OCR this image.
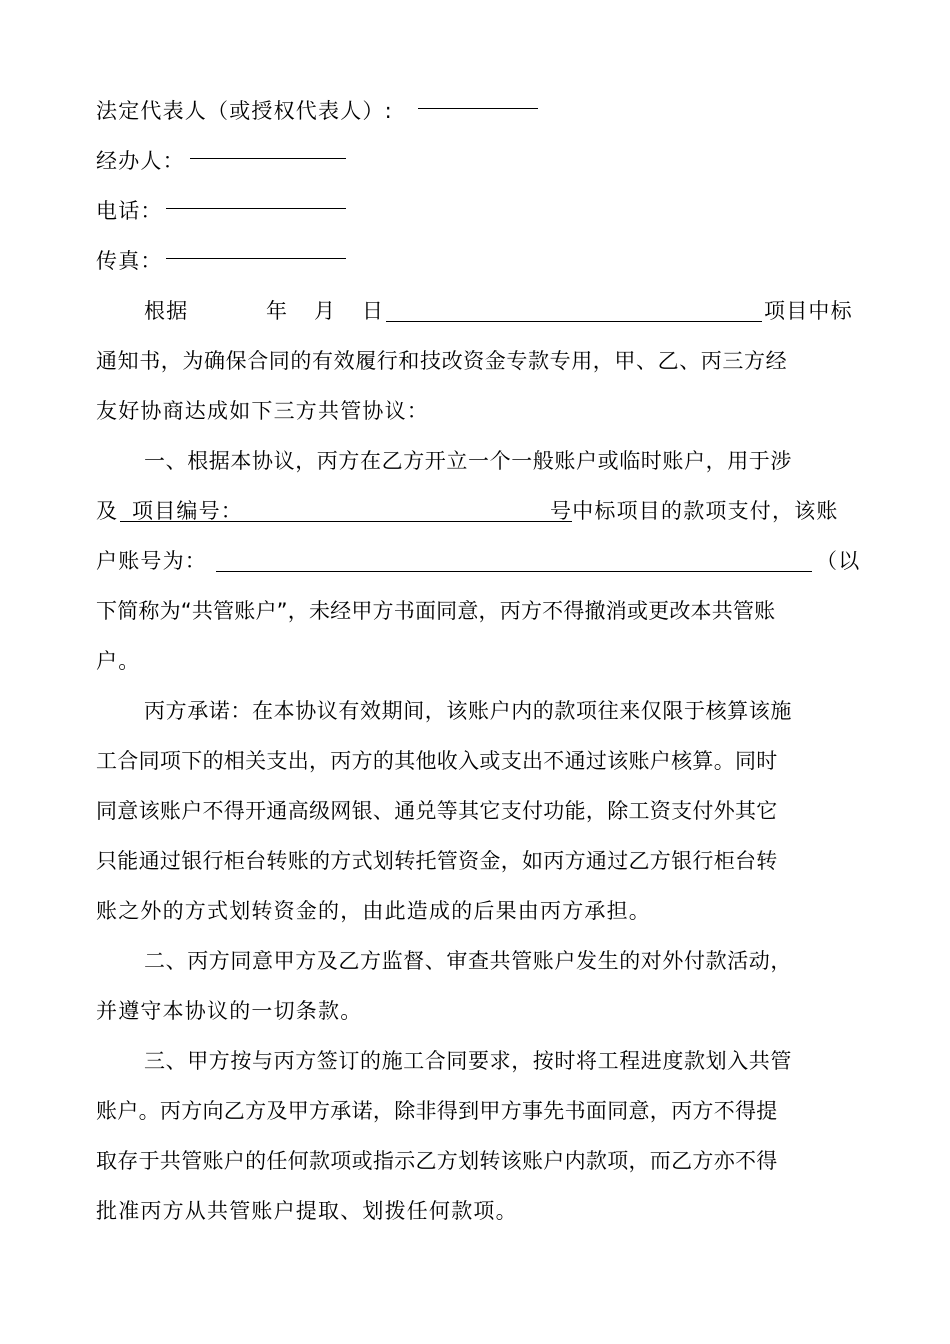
法定代表人（或授权代表人）:
经办人：
电话：
传真：
根据	年 月 日	项目中标
通知书，为确保合同的有效履行和技改资金专款专用，甲、乙、丙三方经
友好协商达成如下三方共管协议：
一、根据本协议，丙方在乙方开立一个一般账户或临时账户，用于涉
及 项目编号：	号中标项目的款项支付，该账
户账号为：	（以
下简称为“共管账户”，未经甲方书面同意，丙方不得撤消或更改本共管账
户。
丙方承诺：在本协议有效期间，该账户内的款项往来仅限于核算该施
工合同项下的相关支出，丙方的其他收入或支出不通过该账户核算。同时
同意该账户不得开通高级网银、通兑等其它支付功能，除工资支付外其它
只能通过银行柜台转账的方式划转托管资金，如丙方通过乙方银行柜台转
账之外的方式划转资金的，由此造成的后果由丙方承担。
二、丙方同意甲方及乙方监督、审查共管账户发生的对外付款活动，
并遵守本协议的一切条款。
三、甲方按与丙方签订的施工合同要求，按时将工程进度款划入共管
账户。丙方向乙方及甲方承诺，除非得到甲方事先书面同意，丙方不得提
取存于共管账户的任何款项或指示乙方划转该账户内款项，而乙方亦不得
批准丙方从共管账户提取、划拨任何款项。
